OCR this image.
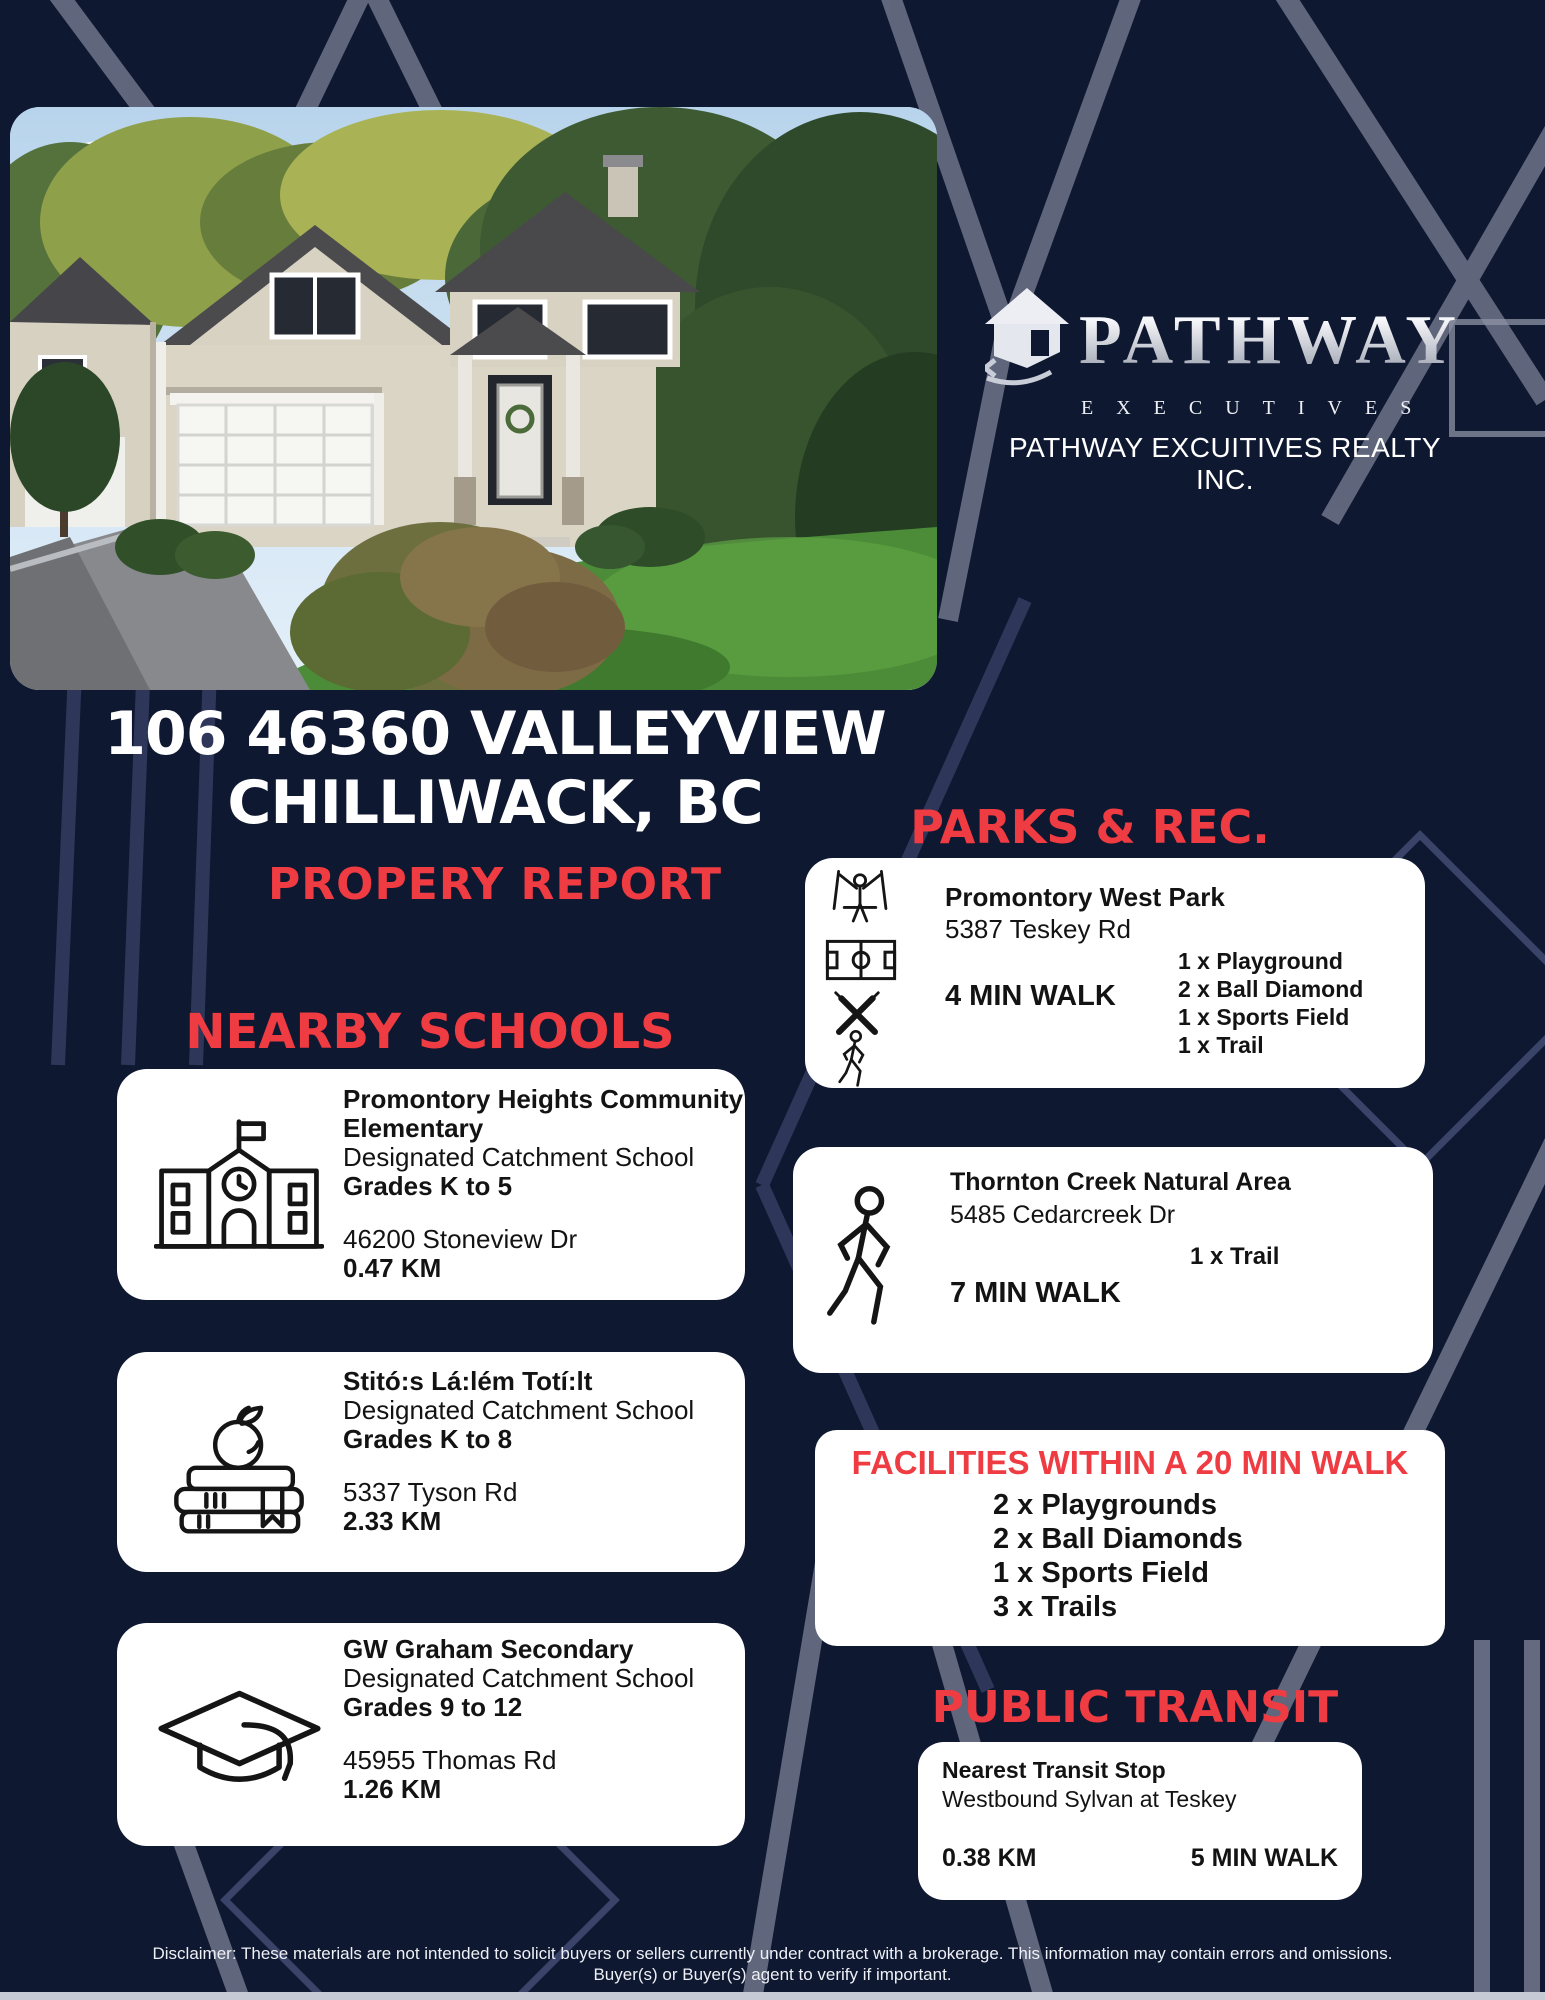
PATHWAY
EXECUTIVES
PATHWAY EXCUITIVES REALTY INC.
106 46360 VALLEYVIEW
CHILLIWACK, BC
PROPERY REPORT
PARKS & REC.
Promontory West Park
5387 Teskey Rd
4 MIN WALK
1 x Playground
2 x Ball Diamond
1 x Sports Field
1 x Trail
Thornton Creek Natural Area
5485 Cedarcreek Dr
1 x Trail
7 MIN WALK
NEARBY SCHOOLS
Promontory Heights Community Elementary
Designated Catchment School
Grades K to 5
46200 Stoneview Dr
0.47 KM
Stitó:s Lá:lém Totí:lt
Designated Catchment School
Grades K to 8
5337 Tyson Rd
2.33 KM
GW Graham Secondary
Designated Catchment School
Grades 9 to 12
45955 Thomas Rd
1.26 KM
FACILITIES WITHIN A 20 MIN WALK
2 x Playgrounds
2 x Ball Diamonds
1 x Sports Field
3 x Trails
PUBLIC TRANSIT
Nearest Transit Stop
Westbound Sylvan at Teskey
0.38 KM	5 MIN WALK
Disclaimer: These materials are not intended to solicit buyers or sellers currently under contract with a brokerage. This information may contain errors and omissions.
Buyer(s) or Buyer(s) agent to verify if important.
